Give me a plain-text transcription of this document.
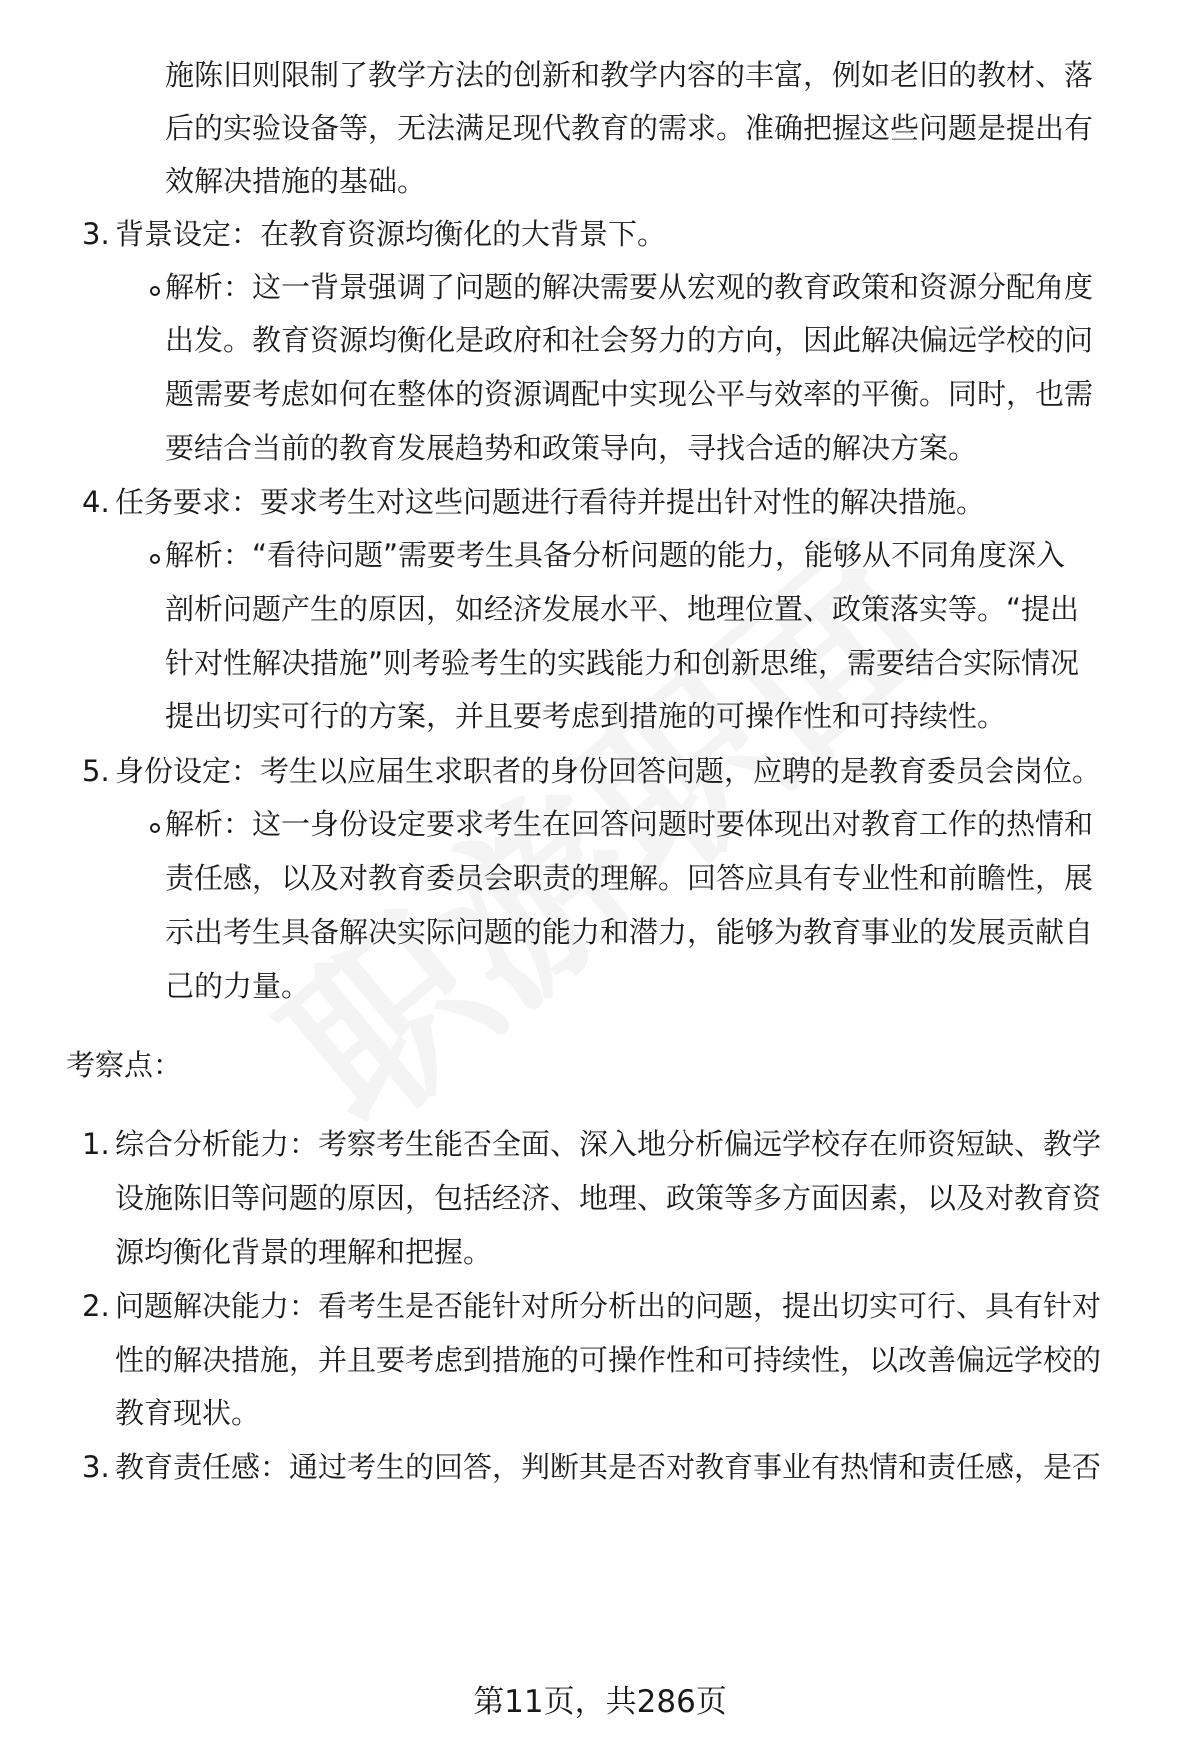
施陈旧则限制了教学方法的创新和教学内容的丰富，例如老旧的教材、落
后的实验设备等，无法满足现代教育的需求。准确把握这些问题是提出有
效解决措施的基础。
3. 背景设定：在教育资源均衡化的大背景下。
解析：这一背景强调了问题的解决需要从宏观的教育政策和资源分配角度
出发。教育资源均衡化是政府和社会努力的方向，因此解决偏远学校的问
题需要考虑如何在整体的资源调配中实现公平与效率的平衡。同时，也需
要结合当前的教育发展趋势和政策导向，寻找合适的解决方案。
4. 任务要求：要求考生对这些问题进行看待并提出针对性的解决措施。
解析：“看待问题”需要考生具备分析问题的能力，能够从不同角度深入
剖析问题产生的原因，如经济发展水平、地理位置、政策落实等。“提出
针对性解决措施”则考验考生的实践能力和创新思维，需要结合实际情况
提出切实可行的方案，并且要考虑到措施的可操作性和可持续性。
5. 身份设定：考生以应届生求职者的身份回答问题，应聘的是教育委员会岗位。
解析：这一身份设定要求考生在回答问题时要体现出对教育工作的热情和
责任感，以及对教育委员会职责的理解。回答应具有专业性和前瞻性，展
示出考生具备解决实际问题的能力和潜力，能够为教育事业的发展贡献自
己的力量。
考察点：
1. 综合分析能力：考察考生能否全面、深入地分析偏远学校存在师资短缺、教学
设施陈旧等问题的原因，包括经济、地理、政策等多方面因素，以及对教育资
源均衡化背景的理解和把握。
2. 问题解决能力：看考生是否能针对所分析出的问题，提出切实可行、具有针对
性的解决措施，并且要考虑到措施的可操作性和可持续性，以改善偏远学校的
教育现状。
3. 教育责任感：通过考生的回答，判断其是否对教育事业有热情和责任感，是否
第11页，共286页
